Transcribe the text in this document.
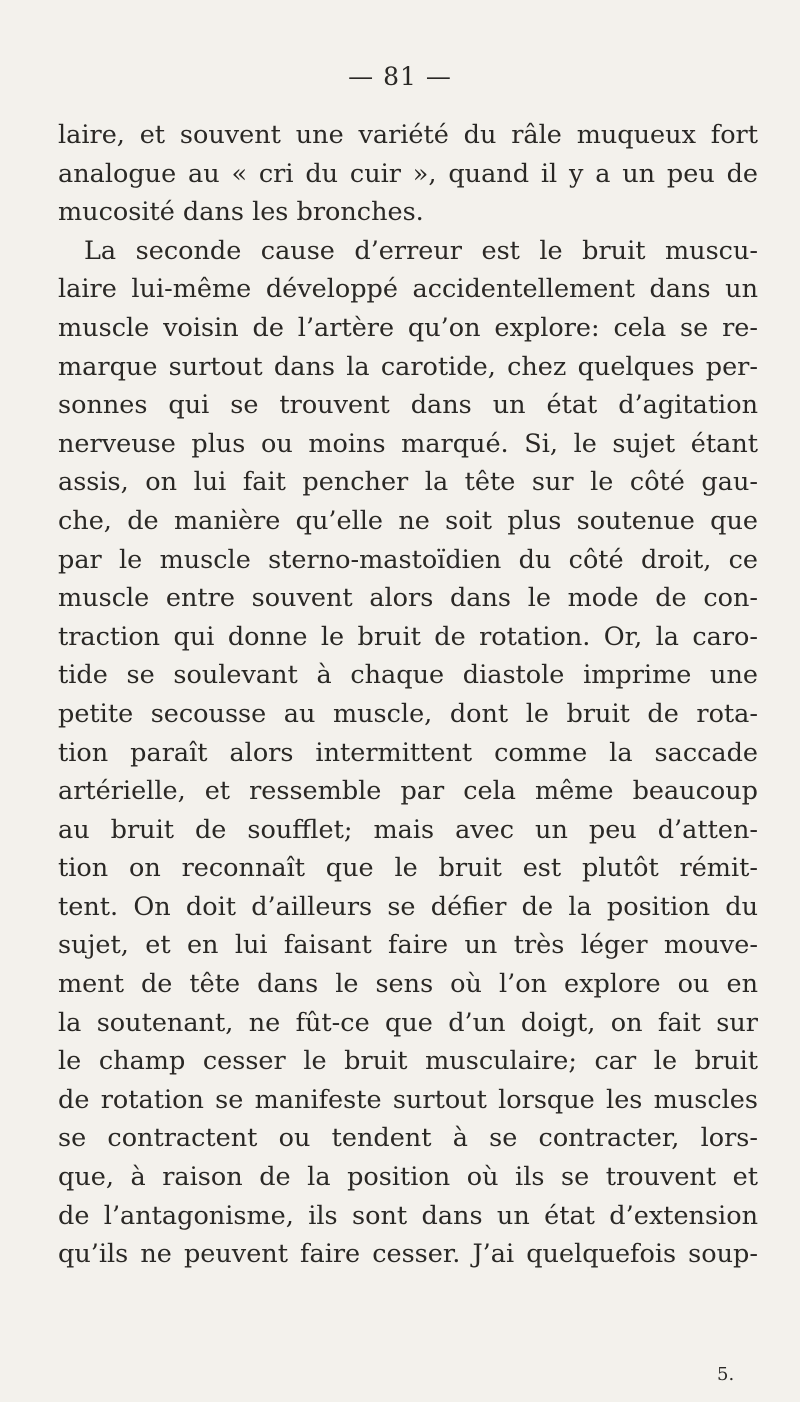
— 81 —
laire, et souvent une variété du râle muqueux fort
analogue au « cri du cuir », quand il y a un peu de
mucosité dans les bronches.
La seconde cause d’erreur est le bruit muscu-
laire lui-même développé accidentellement dans un
muscle voisin de l’artère qu’on explore: cela se re-
marque surtout dans la carotide, chez quelques per-
sonnes qui se trouvent dans un état d’agitation
nerveuse plus ou moins marqué. Si, le sujet étant
assis, on lui fait pencher la tête sur le côté gau-
che, de manière qu’elle ne soit plus soutenue que
par le muscle sterno-mastoïdien du côté droit, ce
muscle entre souvent alors dans le mode de con-
traction qui donne le bruit de rotation. Or, la caro-
tide se soulevant à chaque diastole imprime une
petite secousse au muscle, dont le bruit de rota-
tion paraît alors intermittent comme la saccade
artérielle, et ressemble par cela même beaucoup
au bruit de soufflet; mais avec un peu d’atten-
tion on reconnaît que le bruit est plutôt rémit-
tent. On doit d’ailleurs se défier de la position du
sujet, et en lui faisant faire un très léger mouve-
ment de tête dans le sens où l’on explore ou en
la soutenant, ne fût-ce que d’un doigt, on fait sur
le champ cesser le bruit musculaire; car le bruit
de rotation se manifeste surtout lorsque les muscles
se contractent ou tendent à se contracter, lors-
que, à raison de la position où ils se trouvent et
de l’antagonisme, ils sont dans un état d’extension
qu’ils ne peuvent faire cesser. J’ai quelquefois soup-
5.
